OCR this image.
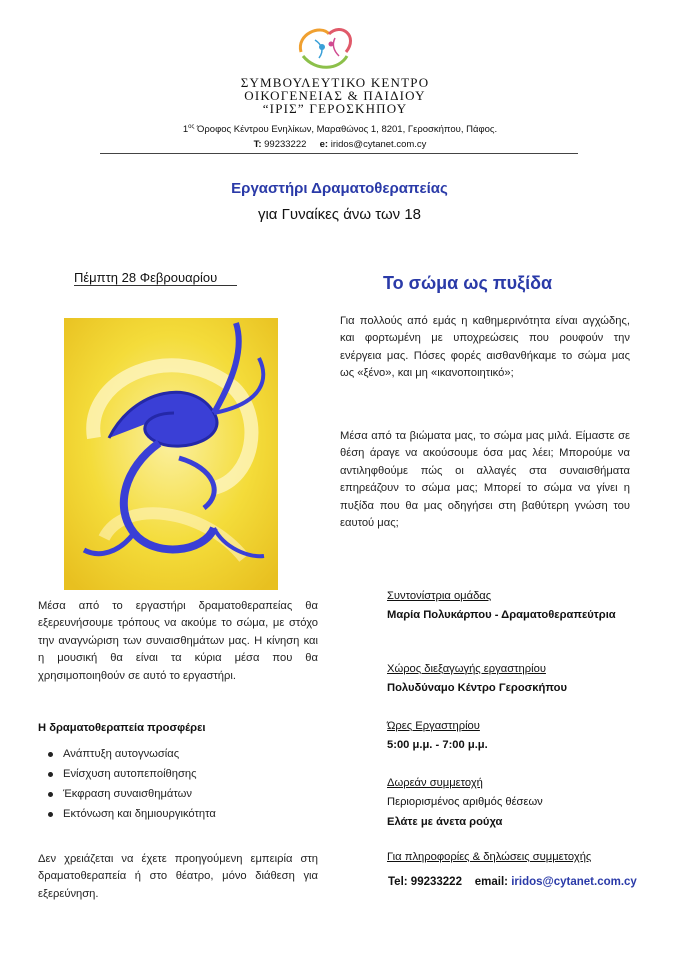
ΣΥΜΒΟΥΛΕΥΤΙΚΟ ΚΕΝΤΡΟ
ΟΙΚΟΓΕΝΕΙΑΣ & ΠΑΙΔΙΟΥ
“ΙΡΙΣ” ΓΕΡΟΣΚΗΠΟΥ
$1^{o\varsigma}$ Όροφος Κέντρου Ενηλίκων, Μαραθώνος 1, 8201, Γεροσκήπου, Πάφος.
Τ: 99233222 e: iridos@cytanet.com.cy
Εργαστήρι Δραματοθεραπείας
για Γυναίκες άνω των 18
Πέμπτη 28 Φεβρουαρίου	Το σώμα ως πυξίδα
Για πολλούς από εμάς η καθημερινότητα είναι αγχώδης, και φορτωμένη με υποχρεώσεις που ρουφούν την ενέργεια μας. Πόσες φορές αισθανθήκαμε το σώμα μας ως «ξένο», και μη «ικανοποιητικό»;
Μέσα από τα βιώματα μας, το σώμα μας μιλά. Είμαστε σε θέση άραγε να ακούσουμε όσα μας λέει; Μπορούμε να αντιληφθούμε πώς οι αλλαγές στα συναισθήματα επηρεάζουν το σώμα μας; Μπορεί το σώμα να γίνει η πυξίδα που θα μας οδηγήσει στη βαθύτερη γνώση του εαυτού μας;
Μέσα από το εργαστήρι δραματοθεραπείας θα εξερευνήσουμε τρόπους να ακούμε το σώμα, με στόχο την αναγνώριση των συναισθημάτων μας. Η κίνηση και η μουσική θα είναι τα κύρια μέσα που θα χρησιμοποιηθούν σε αυτό το εργαστήρι.
Η δραματοθεραπεία προσφέρει
Ανάπτυξη αυτογνωσίας
Ενίσχυση αυτοπεποίθησης
Έκφραση συναισθημάτων
Εκτόνωση και δημιουργικότητα
Δεν χρειάζεται να έχετε προηγούμενη εμπειρία στη δραματοθεραπεία ή στο θέατρο, μόνο διάθεση για εξερεύνηση.
Συντονίστρια ομάδας
Μαρία Πολυκάρπου - Δραματοθεραπεύτρια
Χώρος διεξαγωγής εργαστηρίου
Πολυδύναμο Κέντρο Γεροσκήπου
Ώρες Εργαστηρίου
5:00 μ.μ. - 7:00 μ.μ.
Δωρεάν συμμετοχή
Περιορισμένος αριθμός θέσεων
Ελάτε με άνετα ρούχα
Για πληροφορίες & δηλώσεις συμμετοχής
Tel: 99233222 email: iridos@cytanet.com.cy
